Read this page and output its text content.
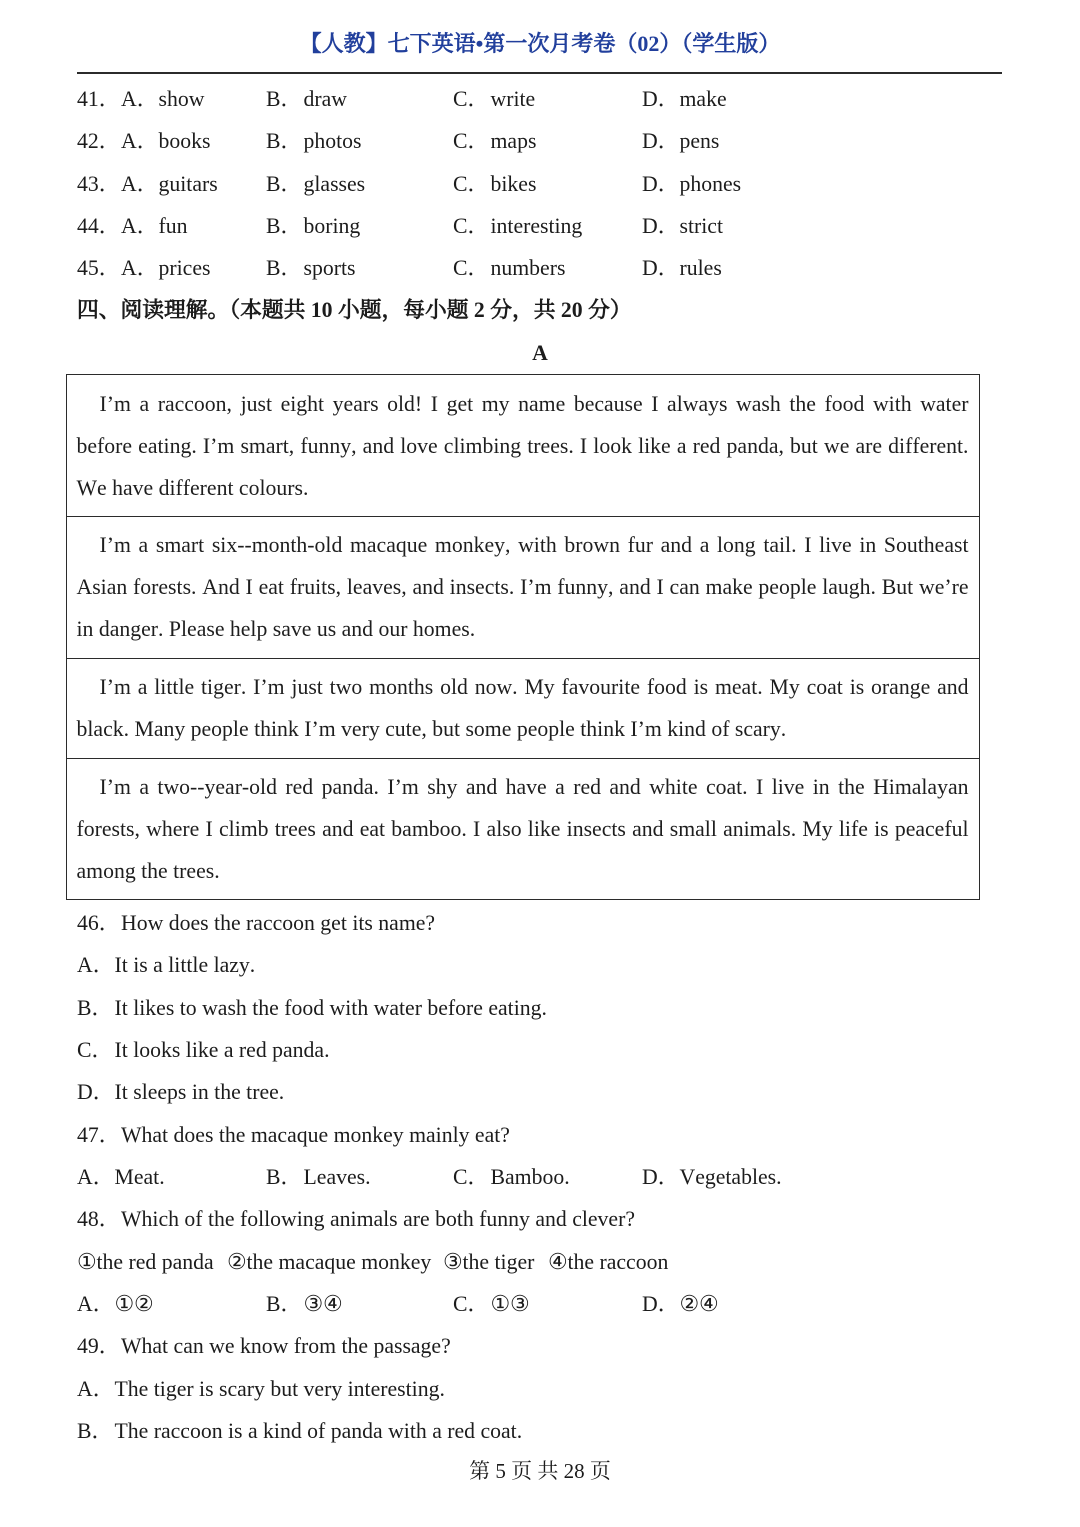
【人教】七下英语•第一次月考卷（02）（学生版）
41． A． show	B． draw	C． write	D． make
42． A． books	B． photos	C． maps	D． pens
43． A． guitars B． glasses	C． bikes	D． phones
44． A． fun	B． boring	C． interesting	D． strict
45． A． prices	B． sports	C． numbers	D． rules
四、阅读理解。（本题共 10 小题，每小题 2 分，共 20 分）
A
I’m a raccoon, just eight years old! I get my name because I always wash the food with water before eating. I’m smart, funny, and love climbing trees. I look like a red panda, but we are different. We have different colours.
I’m a smart six--month-old macaque monkey, with brown fur and a long tail. I live in Southeast Asian forests. And I eat fruits, leaves, and insects. I’m funny, and I can make people laugh. But we’re in danger. Please help save us and our homes.
I’m a little tiger. I’m just two months old now. My favourite food is meat. My coat is orange and black. Many people think I’m very cute, but some people think I’m kind of scary.
I’m a two--year-old red panda. I’m shy and have a red and white coat. I live in the Himalayan forests, where I climb trees and eat bamboo. I also like insects and small animals. My life is peaceful among the trees.
46． How does the raccoon get its name?
A． It is a little lazy.
B． It likes to wash the food with water before eating.
C． It looks like a red panda.
D． It sleeps in the tree.
47． What does the macaque monkey mainly eat?
A． Meat.	B． Leaves.	C． Bamboo.	D． Vegetables.
48． Which of the following animals are both funny and clever?
①the red panda ②the macaque monkey ③the tiger ④the raccoon
A． ①②	B． ③④	C． ①③	D． ②④
49． What can we know from the passage?
A． The tiger is scary but very interesting.
B． The raccoon is a kind of panda with a red coat.
第 5 页 共 28 页
